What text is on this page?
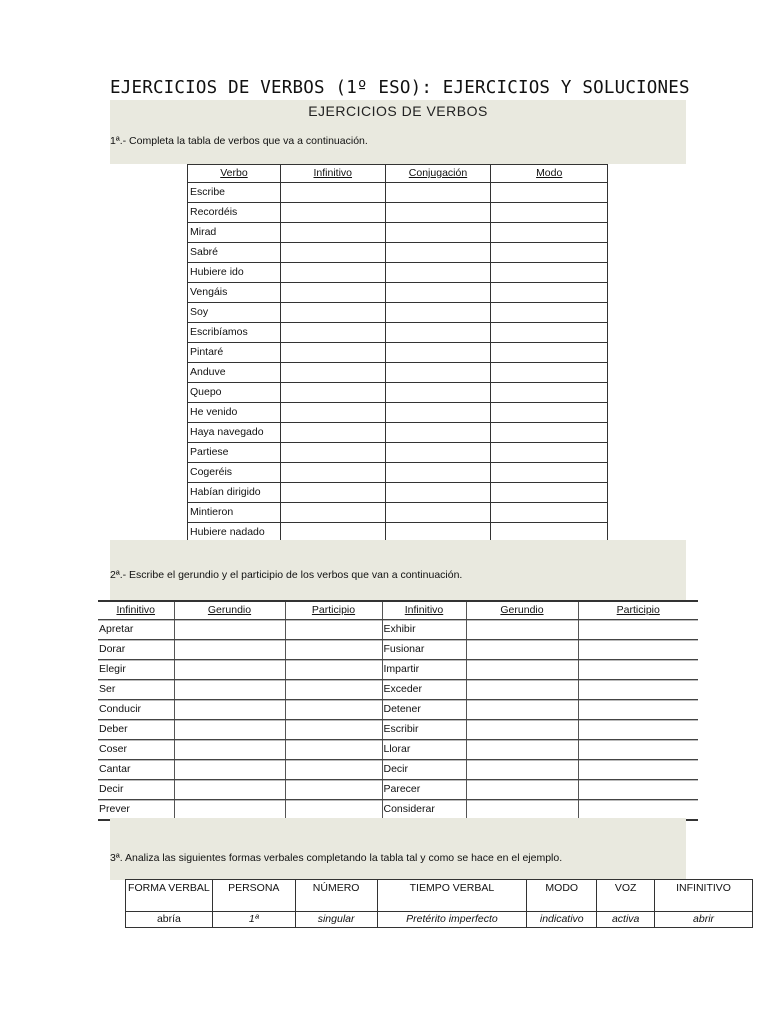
EJERCICIOS DE VERBOS (1º ESO): EJERCICIOS Y SOLUCIONES
EJERCICIOS DE VERBOS
1ª.- Completa la tabla de verbos que va a continuación.
Verbo	Infinitivo	Conjugación	Modo
Escribe			
Recordéis			
Mirad			
Sabré			
Hubiere ido			
Vengáis			
Soy			
Escribíamos			
Pintaré			
Anduve			
Quepo			
He venido			
Haya navegado			
Partiese			
Cogeréis			
Habían dirigido			
Mintieron			
Hubiere nadado			
2ª.- Escribe el gerundio y el participio de los verbos que van a continuación.
Infinitivo	Gerundio	Participio	Infinitivo	Gerundio	Participio
Apretar			Exhibir		
Dorar			Fusionar		
Elegir			Impartir		
Ser			Exceder		
Conducir			Detener		
Deber			Escribir		
Coser			Llorar		
Cantar			Decir		
Decir			Parecer		
Prever			Considerar		
3ª. Analiza las siguientes formas verbales completando la tabla tal y como se hace en el ejemplo.
FORMA VERBAL	PERSONA	NÚMERO	TIEMPO VERBAL	MODO	VOZ	INFINITIVO
abría	1ª	singular	Pretérito imperfecto	indicativo	activa	abrir
